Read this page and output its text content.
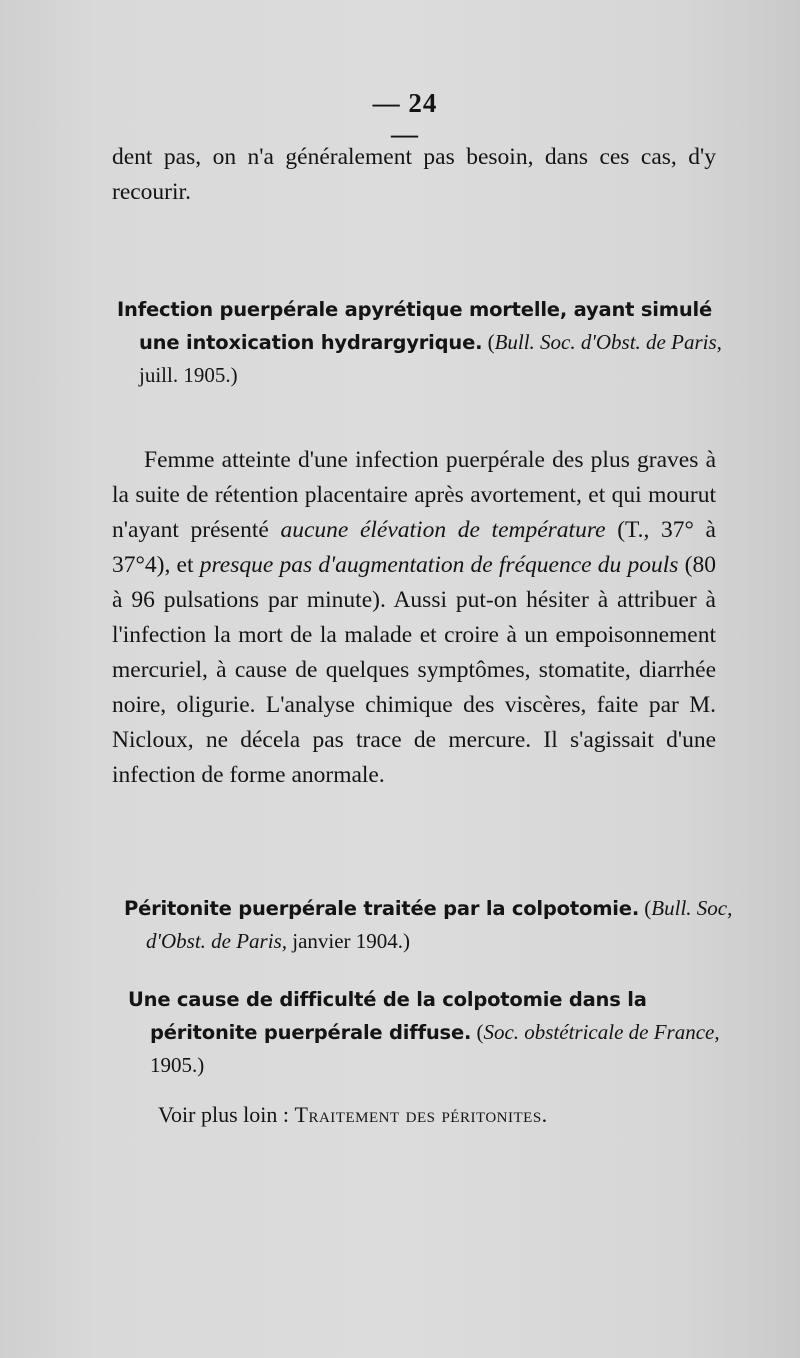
— 24 —

dent pas, on n'a généralement pas besoin, dans ces cas, d'y recourir.

Infection puerpérale apyrétique mortelle, ayant simulé une intoxication hydrargyrique. (Bull. Soc. d'Obst. de Paris, juill. 1905.)

Femme atteinte d'une infection puerpérale des plus graves à la suite de rétention placentaire après avortement, et qui mourut n'ayant présenté aucune élévation de température (T., 37° à 37°4), et presque pas d'augmentation de fréquence du pouls (80 à 96 pulsations par minute). Aussi put-on hésiter à attribuer à l'infection la mort de la malade et croire à un empoisonnement mercuriel, à cause de quelques symptômes, stomatite, diarrhée noire, oligurie. L'analyse chimique des viscères, faite par M. Nicloux, ne décela pas trace de mercure. Il s'agissait d'une infection de forme anormale.

Péritonite puerpérale traitée par la colpotomie. (Bull. Soc, d'Obst. de Paris, janvier 1904.)

Une cause de difficulté de la colpotomie dans la péritonite puerpérale diffuse. (Soc. obstétricale de France, 1905.)

Voir plus loin : Traitement des péritonites.
